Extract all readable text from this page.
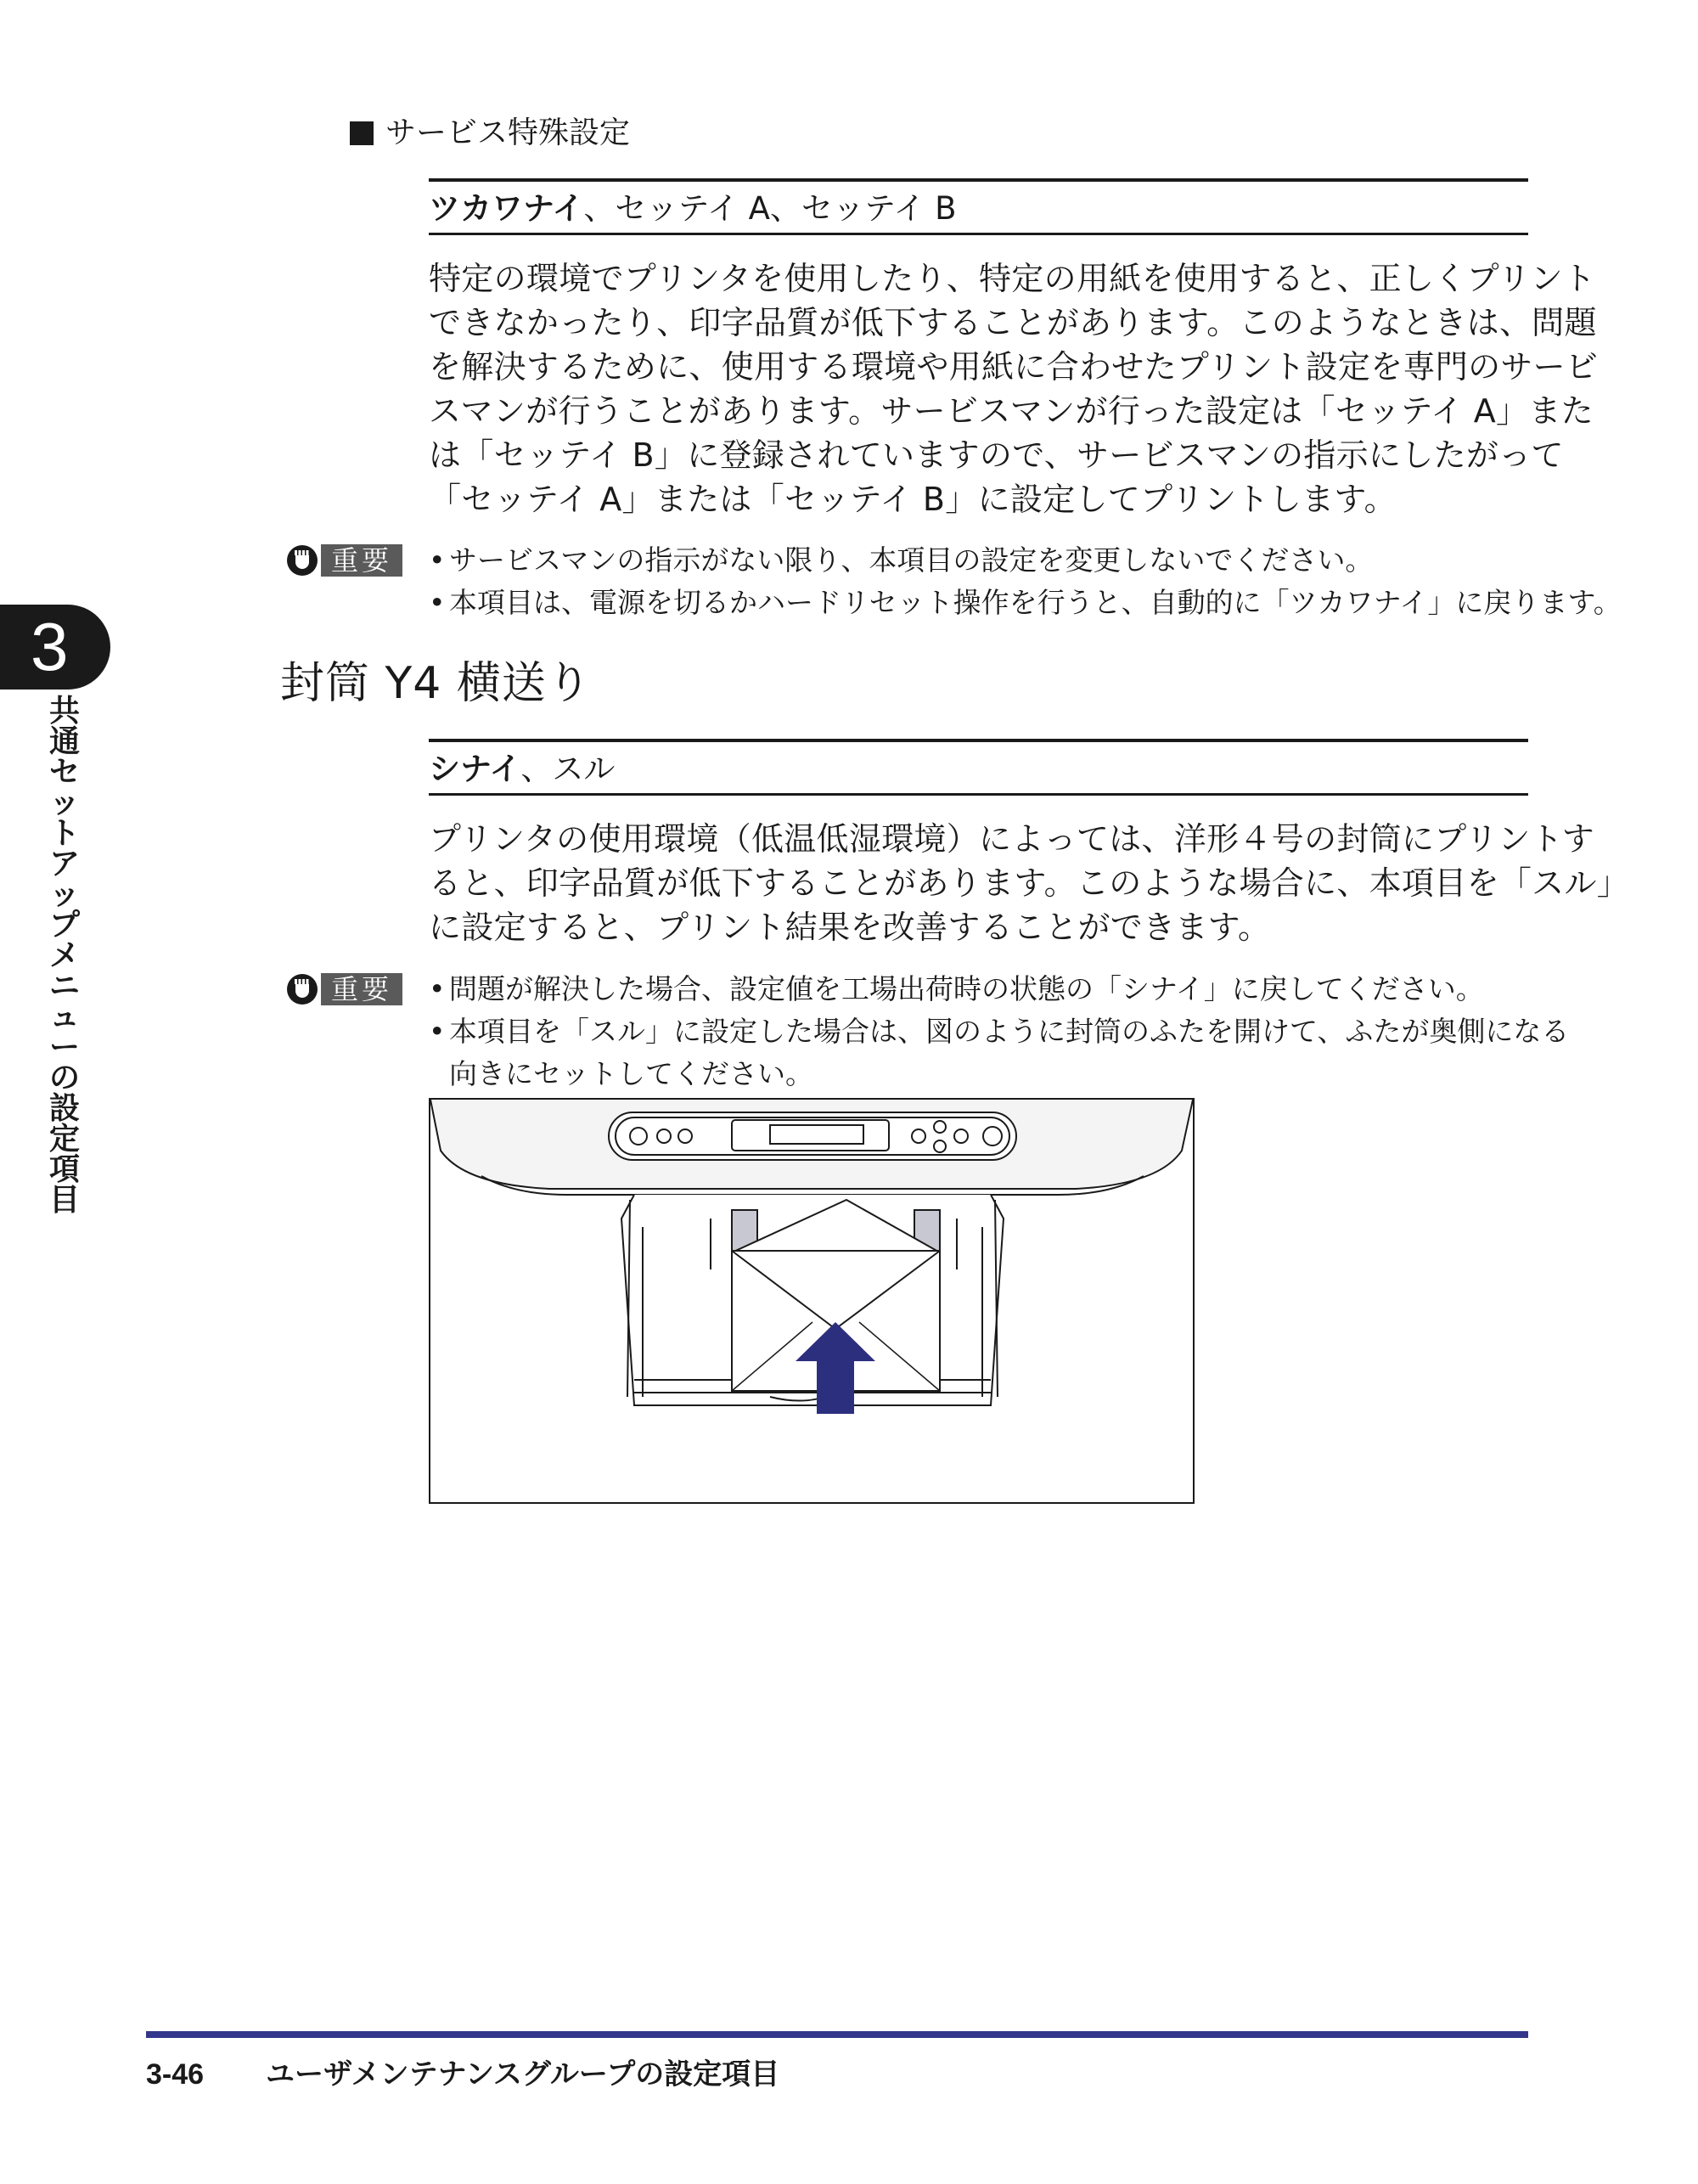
サービス特殊設定
ツカワナイ、セッテイ A、セッテイ B
特定の環境でプリンタを使用したり、特定の用紙を使用すると、正しくプリント
できなかったり、印字品質が低下することがあります。このようなときは、問題
を解決するために、使用する環境や用紙に合わせたプリント設定を専門のサービ
スマンが行うことがあります。サービスマンが行った設定は「セッテイ A」また
は「セッテイ B」に登録されていますので、サービスマンの指示にしたがって
「セッテイ A」または「セッテイ B」に設定してプリントします。
重要	• サービスマンの指示がない限り、本項目の設定を変更しないでください。
• 本項目は、電源を切るかハードリセット操作を行うと、自動的に「ツカワナイ」に戻ります。
封筒 Y4 横送り
シナイ、スル
プリンタの使用環境（低温低湿環境）によっては、洋形４号の封筒にプリントす
ると、印字品質が低下することがあります。このような場合に、本項目を「スル」
に設定すると、プリント結果を改善することができます。
重要	• 問題が解決した場合、設定値を工場出荷時の状態の「シナイ」に戻してください。
• 本項目を「スル」に設定した場合は、図のように封筒のふたを開けて、ふたが奥側になる
向きにセットしてください。
3
共
通
セ
ッ
ト
ア
ッ
プ
メ
ニ
ュ
ー
の
設
定
項
目
3-46 ユーザメンテナンスグループの設定項目
